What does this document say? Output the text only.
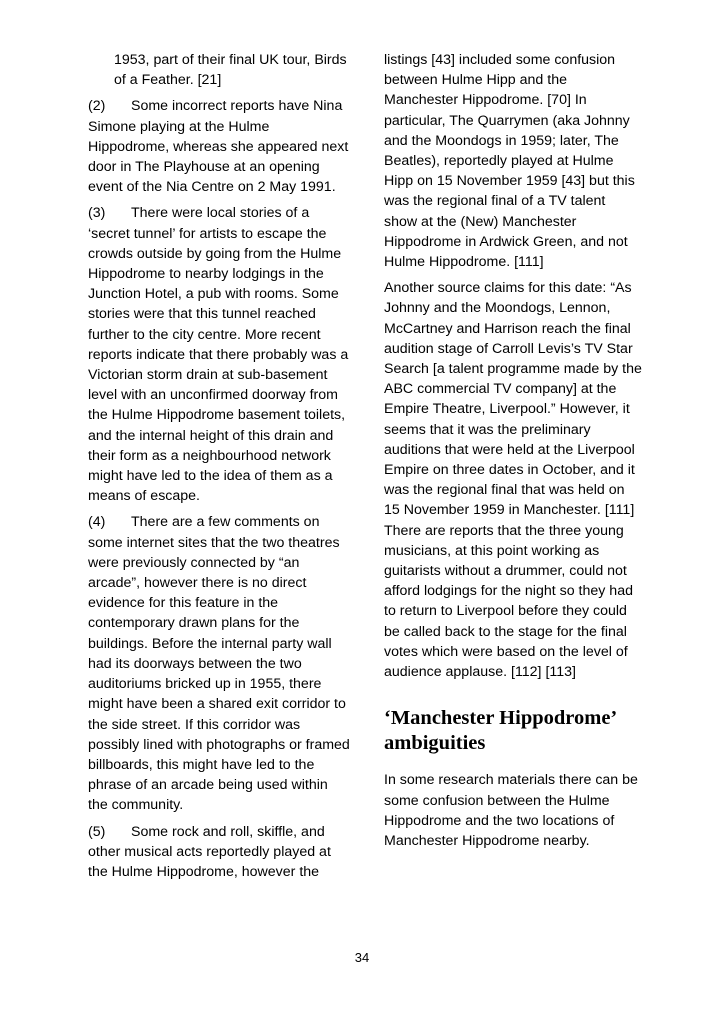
1953, part of their final UK tour, Birds of a Feather. [21]

(2) Some incorrect reports have Nina Simone playing at the Hulme Hippodrome, whereas she appeared next door in The Playhouse at an opening event of the Nia Centre on 2 May 1991.

(3) There were local stories of a ‘secret tunnel’ for artists to escape the crowds outside by going from the Hulme Hippodrome to nearby lodgings in the Junction Hotel, a pub with rooms. Some stories were that this tunnel reached further to the city centre. More recent reports indicate that there probably was a Victorian storm drain at sub-basement level with an unconfirmed doorway from the Hulme Hippodrome basement toilets, and the internal height of this drain and their form as a neighbourhood network might have led to the idea of them as a means of escape.

(4) There are a few comments on some internet sites that the two theatres were previously connected by “an arcade”, however there is no direct evidence for this feature in the contemporary drawn plans for the buildings. Before the internal party wall had its doorways between the two auditoriums bricked up in 1955, there might have been a shared exit corridor to the side street. If this corridor was possibly lined with photographs or framed billboards, this might have led to the phrase of an arcade being used within the community.

(5) Some rock and roll, skiffle, and other musical acts reportedly played at the Hulme Hippodrome, however the

listings [43] included some confusion between Hulme Hipp and the Manchester Hippodrome. [70] In particular, The Quarrymen (aka Johnny and the Moondogs in 1959; later, The Beatles), reportedly played at Hulme Hipp on 15 November 1959 [43] but this was the regional final of a TV talent show at the (New) Manchester Hippodrome in Ardwick Green, and not Hulme Hippodrome. [111]

Another source claims for this date: “As Johnny and the Moondogs, Lennon, McCartney and Harrison reach the final audition stage of Carroll Levis’s TV Star Search [a talent programme made by the ABC commercial TV company] at the Empire Theatre, Liverpool.” However, it seems that it was the preliminary auditions that were held at the Liverpool Empire on three dates in October, and it was the regional final that was held on 15 November 1959 in Manchester. [111] There are reports that the three young musicians, at this point working as guitarists without a drummer, could not afford lodgings for the night so they had to return to Liverpool before they could be called back to the stage for the final votes which were based on the level of audience applause. [112] [113]

‘Manchester Hippodrome’ ambiguities

In some research materials there can be some confusion between the Hulme Hippodrome and the two locations of Manchester Hippodrome nearby.

34
